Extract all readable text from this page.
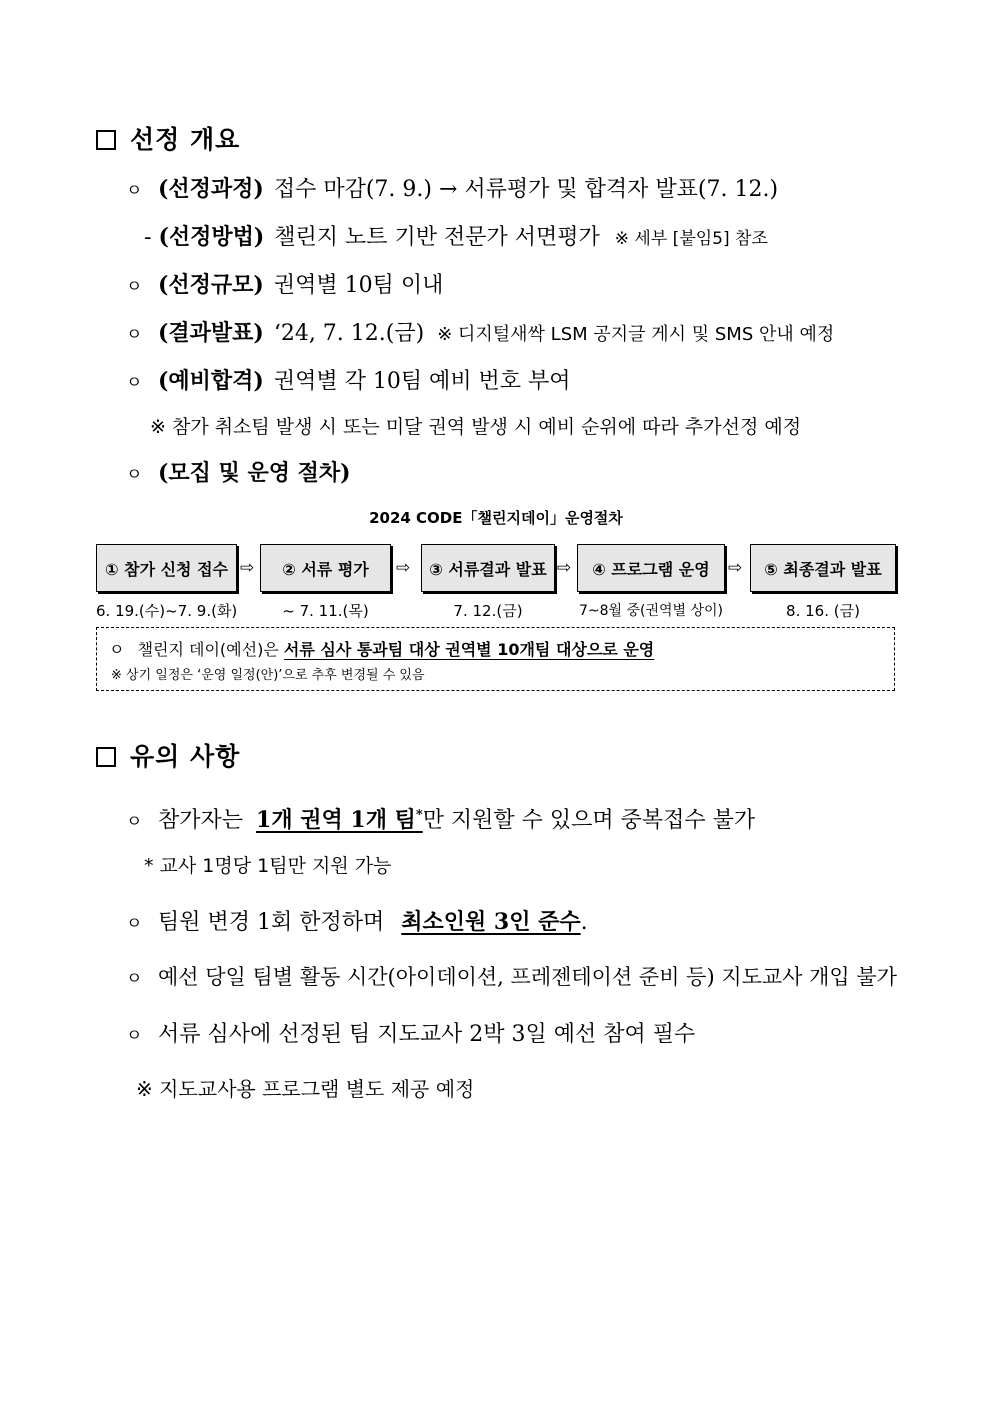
선정 개요
ㅇ (선정과정) 접수 마감(7. 9.) → 서류평가 및 합격자 발표(7. 12.)
- (선정방법) 챌린지 노트 기반 전문가 서면평가 ※ 세부 [붙임5] 참조
ㅇ (선정규모) 권역별 10팀 이내
ㅇ (결과발표) ‘24, 7. 12.(금) ※ 디지털새싹 LSM 공지글 게시 및 SMS 안내 예정
ㅇ (예비합격) 권역별 각 10팀 예비 번호 부여
※ 참가 취소팀 발생 시 또는 미달 권역 발생 시 예비 순위에 따라 추가선정 예정
ㅇ (모집 및 운영 절차)
2024 CODE「챌린지데이」운영절차
① 참가 신청 접수 ⇨ ② 서류 평가 ⇨ ③ 서류결과 발표 ⇨ ④ 프로그램 운영 ⇨ ⑤ 최종결과 발표
6. 19.(수)~7. 9.(화)	~ 7. 11.(목)	7. 12.(금)	7~8월 중(권역별 상이)	8. 16. (금)
ㅇ 챌린지 데이(예선)은 서류 심사 통과팀 대상 권역별 10개팀 대상으로 운영
※ 상기 일정은 ‘운영 일정(안)’으로 추후 변경될 수 있음
유의 사항
ㅇ 참가자는 1개 권역 1개 팀*만 지원할 수 있으며 중복접수 불가
* 교사 1명당 1팀만 지원 가능
ㅇ 팀원 변경 1회 한정하며 최소인원 3인 준수.
ㅇ 예선 당일 팀별 활동 시간(아이데이션, 프레젠테이션 준비 등) 지도교사 개입 불가
ㅇ 서류 심사에 선정된 팀 지도교사 2박 3일 예선 참여 필수
※ 지도교사용 프로그램 별도 제공 예정
